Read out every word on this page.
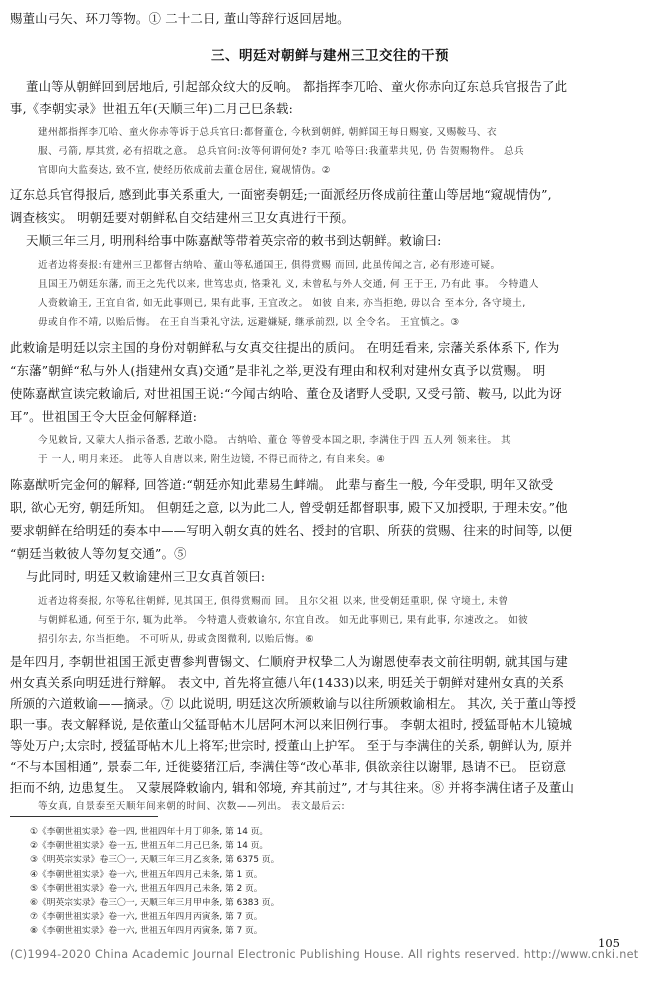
赐董山弓矢、环刀等物。① 二十二日, 董山等辞行返回居地。
三、明廷对朝鲜与建州三卫交往的干预
董山等从朝鲜回到居地后, 引起部众纹大的反响。 都指挥李兀哈、童火你赤向辽东总兵官报告了此
事,《李朝实录》世祖五年(天顺三年)二月己巳条载:
建州都指挥李兀哈、童火你赤等诉于总兵官曰:都督董仓, 今秋到朝鲜, 朝鲜国王每日赐宴, 又赐鞍马、衣
服、弓箭, 厚其赏, 必有招耽之意。 总兵官问:汝等何谓何处? 李兀 哈等曰:我董辈共见, 仍 告贺赐物件。 总兵
官即向大监奏达, 致不宣, 使经历依成前去董仓居住, 窥觇情伪。②
辽东总兵官得报后, 感到此事关系重大, 一面密奏朝廷;一面派经历佟成前往董山等居地“窥觇情伪”,
调查核实。 明朝廷要对朝鲜私自交结建州三卫女真进行干预。
天顺三年三月, 明刑科给事中陈嘉猷等带着英宗帝的敕书到达朝鲜。敕谕曰:
近者边将奏报:有建州三卫都督古纳哈、董山等私通国王, 俱得赏赐 而回, 此虽传闻之言, 必有形迹可疑。
且国王乃朝廷东藩, 而王之先代以来, 世笃忠贞, 恪秉礼 义, 未曾私与外人交通, 何 王于王, 乃有此 事。 今特遣人
人赍敕谕王, 王宜自省, 如无此事则已, 果有此事, 王宜改之。 如彼 自来, 亦当拒绝, 毋以合 至本分, 各守境土,
毋或自作不靖, 以贻后悔。 在王自当秉礼守法, 远避嫌疑, 继承前烈, 以 全令名。 王宜慎之。③
此敕谕是明廷以宗主国的身份对朝鲜私与女真交往提出的质问。 在明廷看来, 宗藩关系体系下, 作为
“东藩”朝鲜“私与外人(指建州女真)交通”是非礼之举,更没有理由和权利对建州女真予以赏赐。 明
使陈嘉猷宣读完敕谕后, 对世祖国王说:“今闻古纳哈、董仓及诸野人受职, 又受弓箭、鞍马, 以此为讶
耳”。世祖国王令大臣金何解释道:
今见敕旨, 又蒙大人指示备悉, 艺敢小隐。 古纳哈、董仓 等曾受本国之职, 李满住于四 五人列 领来往。 其
于 一人, 明月来还。 此等人自唐以来, 附生边镜, 不得已而待之, 有自来矣。④
陈嘉猷听完金何的解释, 回答道:“朝廷亦知此辈易生衅端。 此辈与畜生一般, 今年受职, 明年又欲受
职, 欲心无穷, 朝廷所知。 但朝廷之意, 以为此二人, 曾受朝廷都督职事, 殿下又加授职, 于理未安。”他
要求朝鲜在给明廷的奏本中——写明入朝女真的姓名、授封的官职、所获的赏赐、往来的时间等, 以便
“朝廷当敕彼人等勿复交通”。⑤
与此同时, 明廷又敕谕建州三卫女真首领曰:
近者边将奏报, 尔等私往朝鲜, 见其国王, 俱得赏赐而 回。 且尔父祖 以来, 世受朝廷重职, 保 守境土, 未曾
与朝鲜私通, 何至于尔, 辄为此举。 今特遣人赍敕谕尔, 尔宜自改。 如无此事则已, 果有此事, 尔速改之。 如彼
招引尔去, 尔当拒绝。 不可听从, 毋或贪图微利, 以贻后悔。⑥
是年四月, 李朝世祖国王派吏曹参判曹锡文、仁顺府尹权挚二人为谢恩使奉表文前往明朝, 就其国与建
州女真关系向明廷进行辩解。 表文中, 首先将宣德八年(1433)以来, 明廷关于朝鲜对建州女真的关系
所颁的六道敕谕——摘录。⑦ 以此说明, 明廷这次所颁敕谕与以往所颁敕谕相左。 其次, 关于董山等授
职一事。表文解释说, 是依董山父猛哥帖木儿居阿木河以来旧例行事。 李朝太祖时, 授猛哥帖木儿镜城
等处万户;太宗时, 授猛哥帖木儿上将军;世宗时, 授董山上护军。 至于与李满住的关系, 朝鲜认为, 原并
“不与本国相通”, 景泰二年, 迁徙婆猪江后, 李满住等“改心革非, 俱欲亲往以谢罪, 恳请不已。 臣窃意
拒而不纳, 边患复生。 又蒙展降敕谕内, 辑和邻境, 弃其前过”, 才与其往来。⑧ 并将李满住诸子及董山
①《李朝世祖实录》卷一四, 世祖四年十月丁卯条, 第 14 页。
②《李朝世祖实录》卷一五, 世祖五年二月己巳条, 第 14 页。
③《明英宗实录》卷三〇一, 天顺三年三月乙亥条, 第 6375 页。
④《李朝世祖实录》卷一六, 世祖五年四月己未条, 第 1 页。
⑤《李朝世祖实录》卷一六, 世祖五年四月己未条, 第 2 页。
⑥《明英宗实录》卷三〇一, 天顺三年三月甲申条, 第 6383 页。
⑦《李朝世祖实录》卷一六, 世祖五年四月丙寅条, 第 7 页。
⑧《李朝世祖实录》卷一六, 世祖五年四月丙寅条, 第 7 页。
105
(C)1994-2020 China Academic Journal Electronic Publishing House. All rights reserved. http://www.cnki.net
等女真, 自景泰至天顺年间来朝的时间、次数——列出。 表文最后云:
